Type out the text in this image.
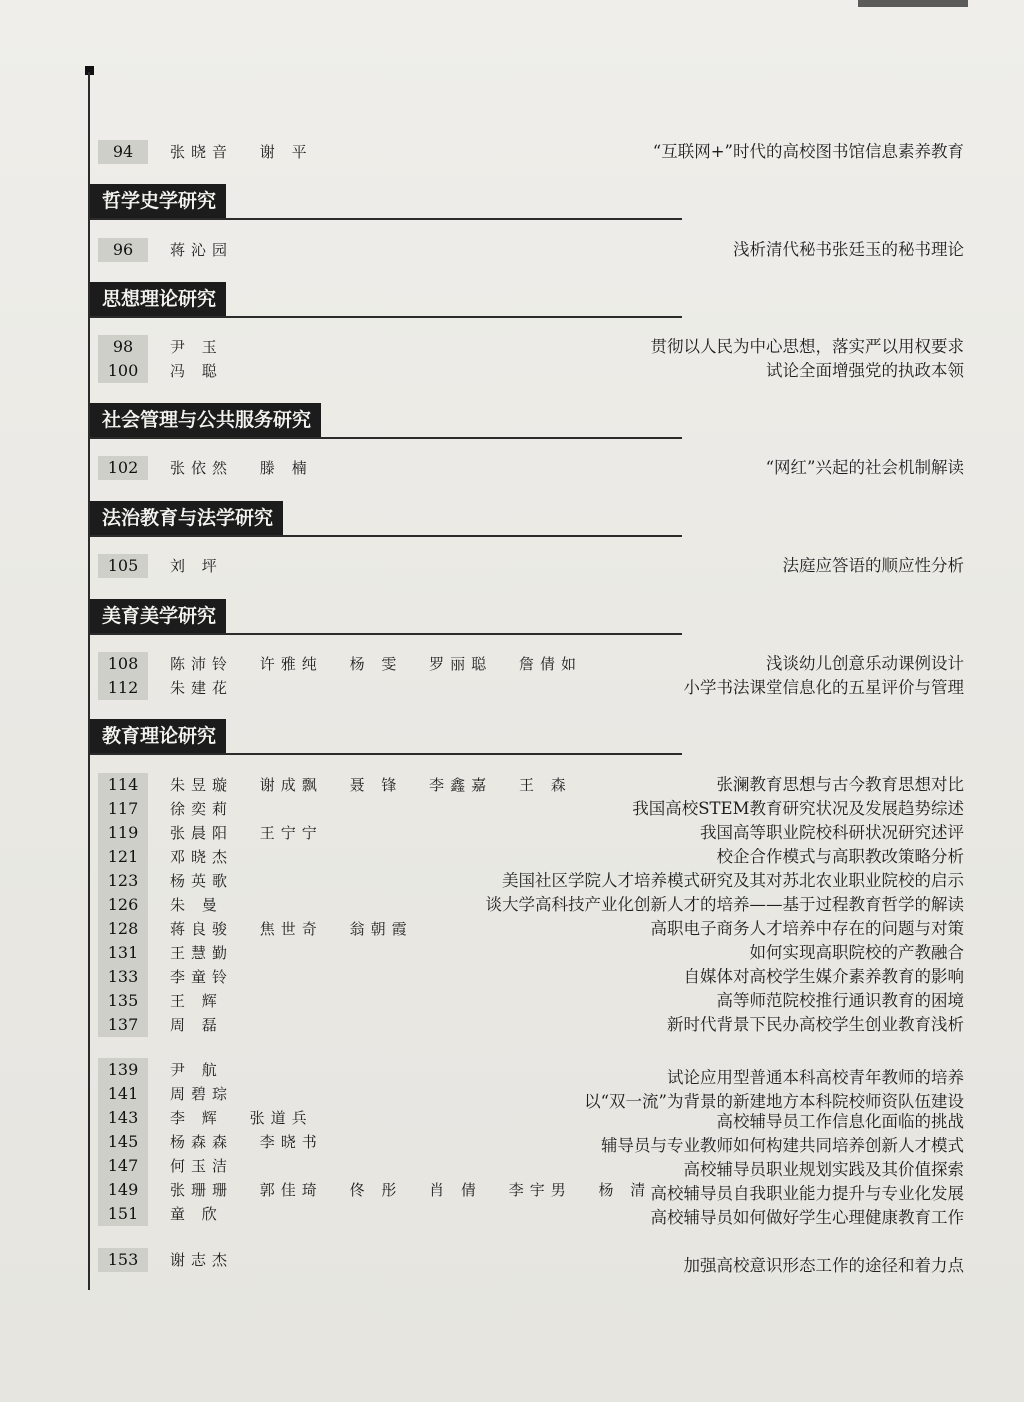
哲学史学研究
思想理论研究
社会管理与公共服务研究
法治教育与法学研究
美育美学研究
教育理论研究
94	张晓音 谢 平	“互联网+”时代的高校图书馆信息素养教育
96	蒋沁园	浅析清代秘书张廷玉的秘书理论
98	尹 玉	贯彻以人民为中心思想，落实严以用权要求
100	冯 聪	试论全面增强党的执政本领
102	张依然 滕 楠	“网红”兴起的社会机制解读
105	刘 坪	法庭应答语的顺应性分析
108	陈沛铃 许雅纯 杨 雯 罗丽聪 詹倩如	浅谈幼儿创意乐动课例设计
112	朱建花	小学书法课堂信息化的五星评价与管理
114	朱昱璇 谢成飘 聂 锋 李鑫嘉 王 森	张澜教育思想与古今教育思想对比
117	徐奕莉	我国高校STEM教育研究状况及发展趋势综述
119	张晨阳 王宁宁	我国高等职业院校科研状况研究述评
121	邓晓杰	校企合作模式与高职教改策略分析
123	杨英歌	美国社区学院人才培养模式研究及其对苏北农业职业院校的启示
126	朱 曼	谈大学高科技产业化创新人才的培养——基于过程教育哲学的解读
128	蒋良骏 焦世奇 翁朝霞	高职电子商务人才培养中存在的问题与对策
131	王慧勤	如何实现高职院校的产教融合
133	李童铃	自媒体对高校学生媒介素养教育的影响
135	王 辉	高等师范院校推行通识教育的困境
137	周 磊	新时代背景下民办高校学生创业教育浅析
139	尹 航	试论应用型普通本科高校青年教师的培养
141	周碧琮	以“双一流”为背景的新建地方本科院校师资队伍建设
143	李 辉 张道兵	高校辅导员工作信息化面临的挑战
145	杨森森 李晓书	辅导员与专业教师如何构建共同培养创新人才模式
147	何玉洁	高校辅导员职业规划实践及其价值探索
149	张珊珊 郭佳琦 佟 彤 肖 倩 李宇男 杨 清 高校辅导员自我职业能力提升与专业化发展
151	童 欣	高校辅导员如何做好学生心理健康教育工作
153	谢志杰	加强高校意识形态工作的途径和着力点
